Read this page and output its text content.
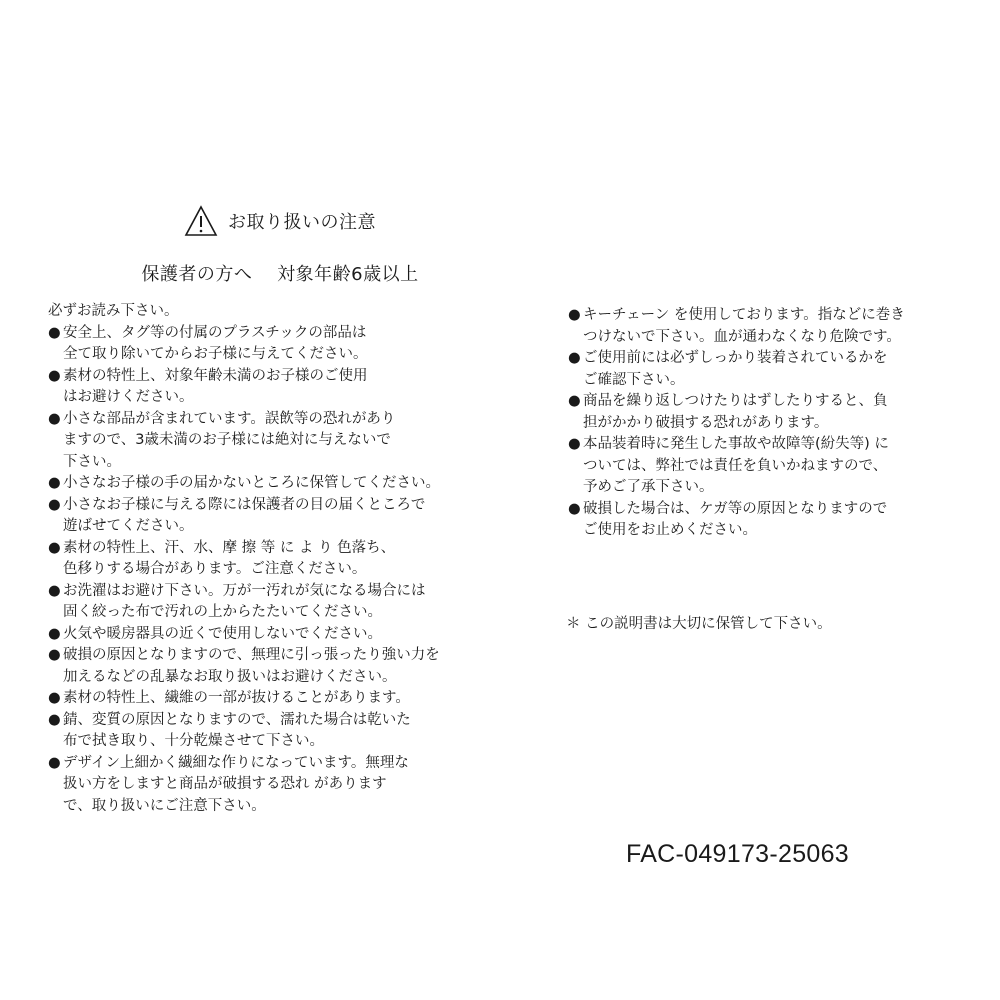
お取り扱いの注意
保護者の方へ　 対象年齢6歳以上
必ずお読み下さい。
● 安全上、タグ等の付属のプラスチックの部品は
全て取り除いてからお子様に与えてください。
● 素材の特性上、対象年齢未満のお子様のご使用
はお避けください。
● 小さな部品が含まれています。誤飲等の恐れがあり
ますので、3歳未満のお子様には絶対に与えないで
下さい。
● 小さなお子様の手の届かないところに保管してください。
● 小さなお子様に与える際には保護者の目の届くところで
遊ばせてください。
● 素材の特性上、汗、水、摩 擦 等 に よ り 色落ち、
色移りする場合があります。ご注意ください。
● お洗濯はお避け下さい。万が一汚れが気になる場合には
固く絞った布で汚れの上からたたいてください。
● 火気や暖房器具の近くで使用しないでください。
● 破損の原因となりますので、無理に引っ張ったり強い力を
加えるなどの乱暴なお取り扱いはお避けください。
● 素材の特性上、繊維の一部が抜けることがあります。
● 錆、変質の原因となりますので、濡れた場合は乾いた
布で拭き取り、十分乾燥させて下さい。
● デザイン上細かく繊細な作りになっています。無理な
扱い方をしますと商品が破損する恐れ があります
で、取り扱いにご注意下さい。
● キーチェーン を使用しております。指などに巻き
つけないで下さい。血が通わなくなり危険です。
● ご使用前には必ずしっかり装着されているかを
ご確認下さい。
● 商品を繰り返しつけたりはずしたりすると、負
担がかかり破損する恐れがあります。
● 本品装着時に発生した事故や故障等(紛失等) に
ついては、弊社では責任を負いかねますので、
予めご了承下さい。
● 破損した場合は、ケガ等の原因となりますので
ご使用をお止めください。
＊ この説明書は大切に保管して下さい。
FAC-049173-25063
